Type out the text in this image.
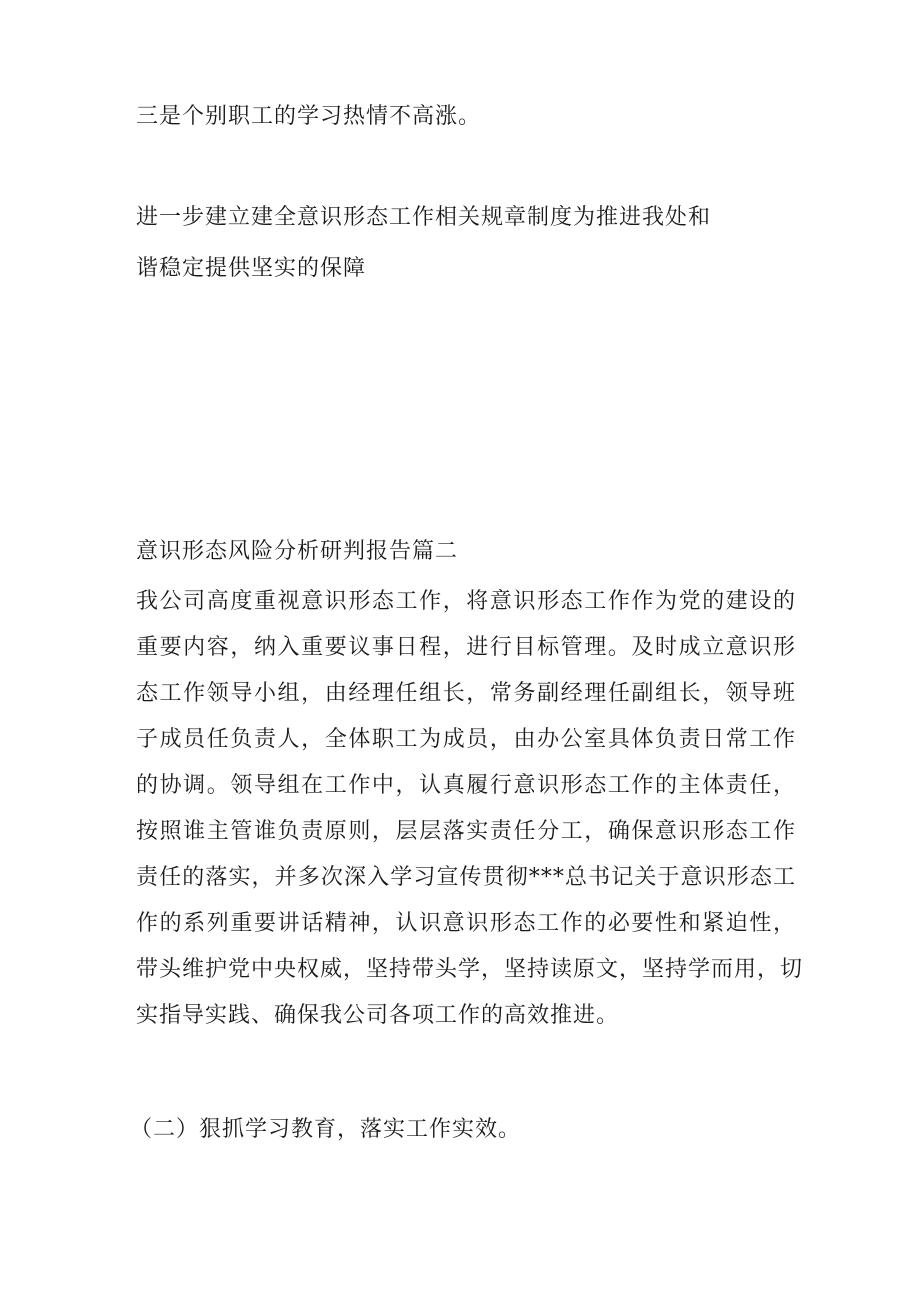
三是个别职工的学习热情不高涨。
进一步建立建全意识形态工作相关规章制度为推进我处和
谐稳定提供坚实的保障
意识形态风险分析研判报告篇二
我公司高度重视意识形态工作，将意识形态工作作为党的建设的
重要内容，纳入重要议事日程，进行目标管理。及时成立意识形
态工作领导小组，由经理任组长，常务副经理任副组长，领导班
子成员任负责人，全体职工为成员，由办公室具体负责日常工作
的协调。领导组在工作中，认真履行意识形态工作的主体责任，
按照谁主管谁负责原则，层层落实责任分工，确保意识形态工作
责任的落实，并多次深入学习宣传贯彻***总书记关于意识形态工
作的系列重要讲话精神，认识意识形态工作的必要性和紧迫性，
带头维护党中央权威，坚持带头学，坚持读原文，坚持学而用，切
实指导实践、确保我公司各项工作的高效推进。
（二）狠抓学习教育，落实工作实效。
